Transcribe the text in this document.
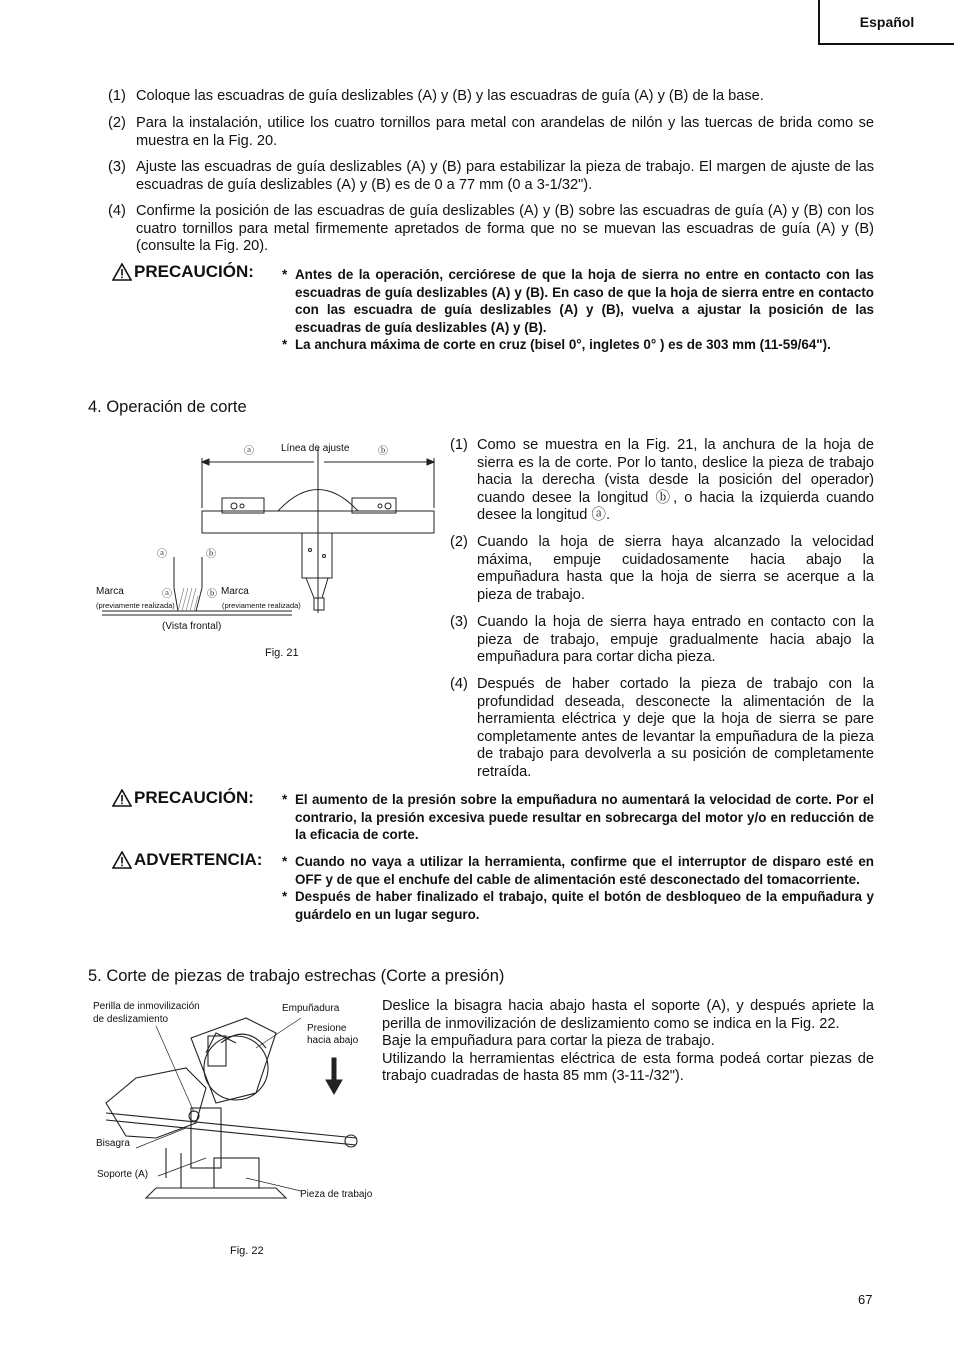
Español
(1) Coloque las escuadras de guía deslizables (A) y (B) y las escuadras de guía (A) y (B) de la base.
(2) Para la instalación, utilice los cuatro tornillos para metal con arandelas de nilón y las tuercas de brida como se muestra en la Fig. 20.
(3) Ajuste las escuadras de guía deslizables (A) y (B) para estabilizar la pieza de trabajo. El margen de ajuste de las escuadras de guía deslizables (A) y (B) es de 0 a 77 mm (0 a 3-1/32").
(4) Confirme la posición de las escuadras de guía deslizables (A) y (B) sobre las escuadras de guía (A) y (B) con los cuatro tornillos para metal firmemente apretados de forma que no se muevan las escuadras de guía (A) y (B) (consulte la Fig. 20).
PRECAUCIÓN: * Antes de la operación, cerciórese de que la hoja de sierra no entre en contacto con las escuadras de guía deslizables (A) y (B). En caso de que la hoja de sierra entre en contacto con las escuadra de guía deslizables (A) y (B), vuelva a ajustar la posición de las escuadras de guía deslizables (A) y (B).
* La anchura máxima de corte en cruz (bisel 0°, ingletes 0° ) es de 303 mm (11-59/64").
4. Operación de corte
ⓐ	Línea de ajuste	ⓑ
ⓐ	ⓑ
Marca	ⓐ	ⓑ Marca
(previamente realizada)	(previamente realizada)
(Vista frontal)
Fig. 21
(1) Como se muestra en la Fig. 21, la anchura de la hoja de sierra es la de corte. Por lo tanto, deslice la pieza de trabajo hacia la derecha (vista desde la posición del operador) cuando desee la longitud ⓑ, o hacia la izquierda cuando desee la longitud ⓐ.
(2) Cuando la hoja de sierra haya alcanzado la velocidad máxima, empuje cuidadosamente hacia abajo la empuñadura hasta que la hoja de sierra se acerque a la pieza de trabajo.
(3) Cuando la hoja de sierra haya entrado en contacto con la pieza de trabajo, empuje gradualmente hacia abajo la empuñadura para cortar dicha pieza.
(4) Después de haber cortado la pieza de trabajo con la profundidad deseada, desconecte la alimentación de la herramienta eléctrica y deje que la hoja de sierra se pare completamente antes de levantar la empuñadura de la pieza de trabajo para devolverla a su posición de completamente retraída.
PRECAUCIÓN: * El aumento de la presión sobre la empuñadura no aumentará la velocidad de corte. Por el contrario, la presión excesiva puede resultar en sobrecarga del motor y/o en reducción de la eficacia de corte.
ADVERTENCIA: * Cuando no vaya a utilizar la herramienta, confirme que el interruptor de disparo esté en OFF y de que el enchufe del cable de alimentación esté desconectado del tomacorriente.
* Después de haber finalizado el trabajo, quite el botón de desbloqueo de la empuñadura y guárdelo en un lugar seguro.
5. Corte de piezas de trabajo estrechas (Corte a presión)
Perilla de inmovilización
de deslizamiento
Empuñadura
Presione
hacia abajo
Bisagra
Soporte (A)
Pieza de trabajo
Fig. 22
Deslice la bisagra hacia abajo hasta el soporte (A), y después apriete la perilla de inmovilización de deslizamiento como se indica en la Fig. 22.
Baje la empuñadura para cortar la pieza de trabajo.
Utilizando la herramientas eléctrica de esta forma podeá cortar piezas de trabajo cuadradas de hasta 85 mm (3-11-/32").
67
